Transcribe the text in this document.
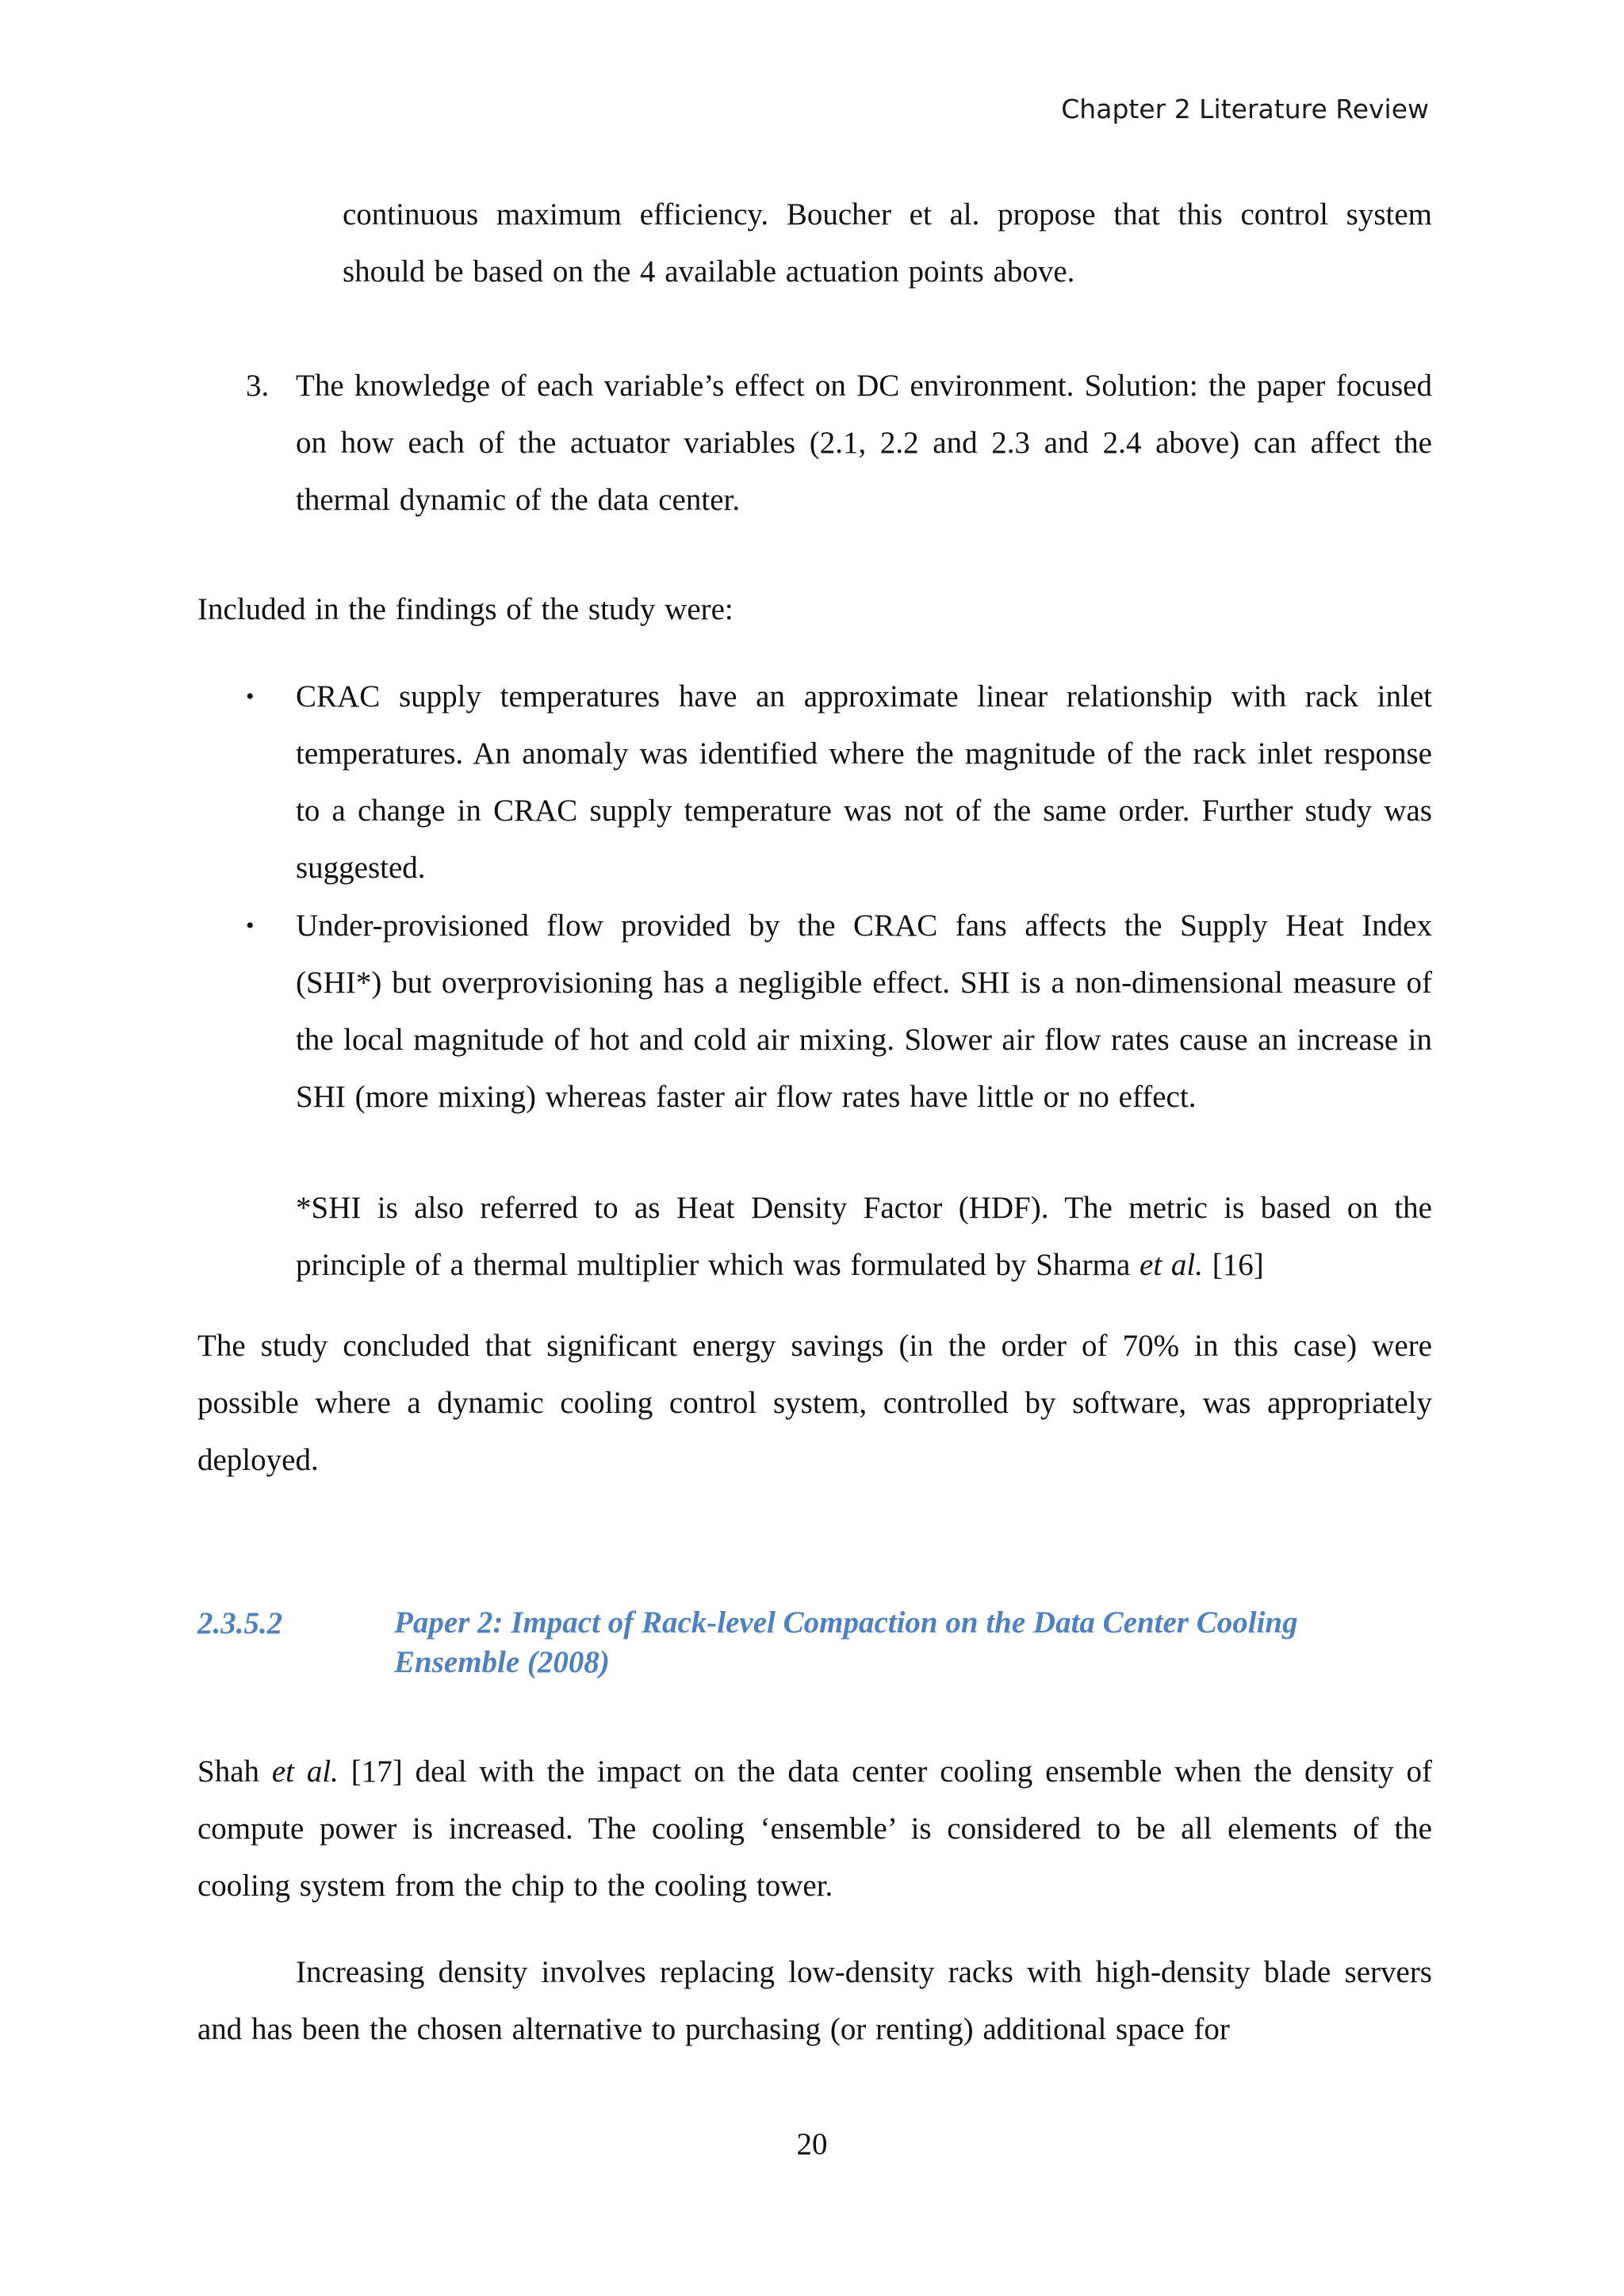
Chapter 2 Literature Review

continuous maximum efficiency. Boucher et al. propose that this control system should be based on the 4 available actuation points above.

3. The knowledge of each variable’s effect on DC environment. Solution: the paper focused on how each of the actuator variables (2.1, 2.2 and 2.3 and 2.4 above) can affect the thermal dynamic of the data center.

Included in the findings of the study were:

• CRAC supply temperatures have an approximate linear relationship with rack inlet temperatures. An anomaly was identified where the magnitude of the rack inlet response to a change in CRAC supply temperature was not of the same order. Further study was suggested.

• Under-provisioned flow provided by the CRAC fans affects the Supply Heat Index (SHI*) but overprovisioning has a negligible effect. SHI is a non-dimensional measure of the local magnitude of hot and cold air mixing. Slower air flow rates cause an increase in SHI (more mixing) whereas faster air flow rates have little or no effect.

*SHI is also referred to as Heat Density Factor (HDF). The metric is based on the principle of a thermal multiplier which was formulated by Sharma et al. [16]

The study concluded that significant energy savings (in the order of 70% in this case) were possible where a dynamic cooling control system, controlled by software, was appropriately deployed.

2.3.5.2	Paper 2: Impact of Rack-level Compaction on the Data Center Cooling Ensemble (2008)

Shah et al. [17] deal with the impact on the data center cooling ensemble when the density of compute power is increased. The cooling ‘ensemble’ is considered to be all elements of the cooling system from the chip to the cooling tower.

Increasing density involves replacing low-density racks with high-density blade servers and has been the chosen alternative to purchasing (or renting) additional space for

20
